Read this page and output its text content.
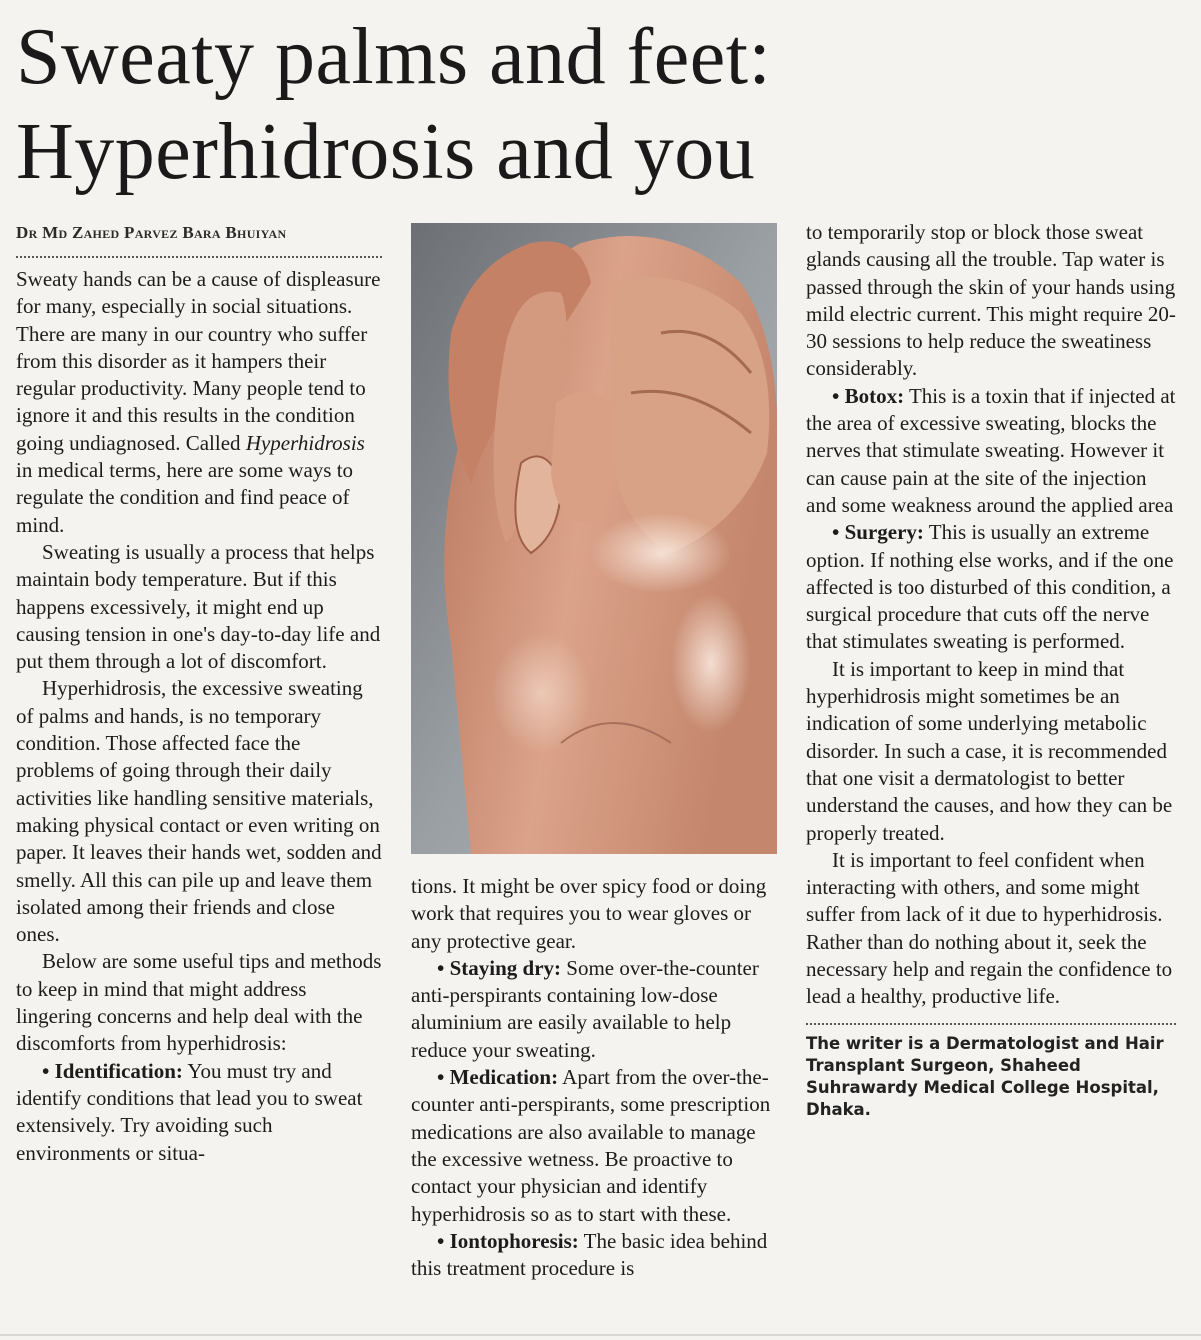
Sweaty palms and feet:
Hyperhidrosis and you
Dr Md Zahed Parvez Bara Bhuiyan

Sweaty hands can be a cause of displeasure for many, especially in social situations. There are many in our country who suffer from this disorder as it hampers their regular productivity. Many people tend to ignore it and this results in the condition going undiagnosed. Called Hyperhidrosis in medical terms, here are some ways to regulate the condition and find peace of mind.

Sweating is usually a process that helps maintain body temperature. But if this happens excessively, it might end up causing tension in one's day-to-day life and put them through a lot of discomfort.

Hyperhidrosis, the excessive sweating of palms and hands, is no temporary condition. Those affected face the problems of going through their daily activities like handling sensitive materials, making physical contact or even writing on paper. It leaves their hands wet, sodden and smelly. All this can pile up and leave them isolated among their friends and close ones.

Below are some useful tips and methods to keep in mind that might address lingering concerns and help deal with the discomforts from hyperhidrosis:

• Identification: You must try and identify conditions that lead you to sweat extensively. Try avoiding such environments or situa-

tions. It might be over spicy food or doing work that requires you to wear gloves or any protective gear.

• Staying dry: Some over-the-counter anti-perspirants containing low-dose aluminium are easily available to help reduce your sweating.

• Medication: Apart from the over-the-counter anti-perspirants, some prescription medications are also available to manage the excessive wetness. Be proactive to contact your physician and identify hyperhidrosis so as to start with these.

• Iontophoresis: The basic idea behind this treatment procedure is

to temporarily stop or block those sweat glands causing all the trouble. Tap water is passed through the skin of your hands using mild electric current. This might require 20-30 sessions to help reduce the sweatiness considerably.

• Botox: This is a toxin that if injected at the area of excessive sweating, blocks the nerves that stimulate sweating. However it can cause pain at the site of the injection and some weakness around the applied area

• Surgery: This is usually an extreme option. If nothing else works, and if the one affected is too disturbed of this condition, a surgical procedure that cuts off the nerve that stimulates sweating is performed.

It is important to keep in mind that hyperhidrosis might sometimes be an indication of some underlying metabolic disorder. In such a case, it is recommended that one visit a dermatologist to better understand the causes, and how they can be properly treated.

It is important to feel confident when interacting with others, and some might suffer from lack of it due to hyperhidrosis. Rather than do nothing about it, seek the necessary help and regain the confidence to lead a healthy, productive life.

The writer is a Dermatologist and Hair Transplant Surgeon, Shaheed Suhrawardy Medical College Hospital, Dhaka.
